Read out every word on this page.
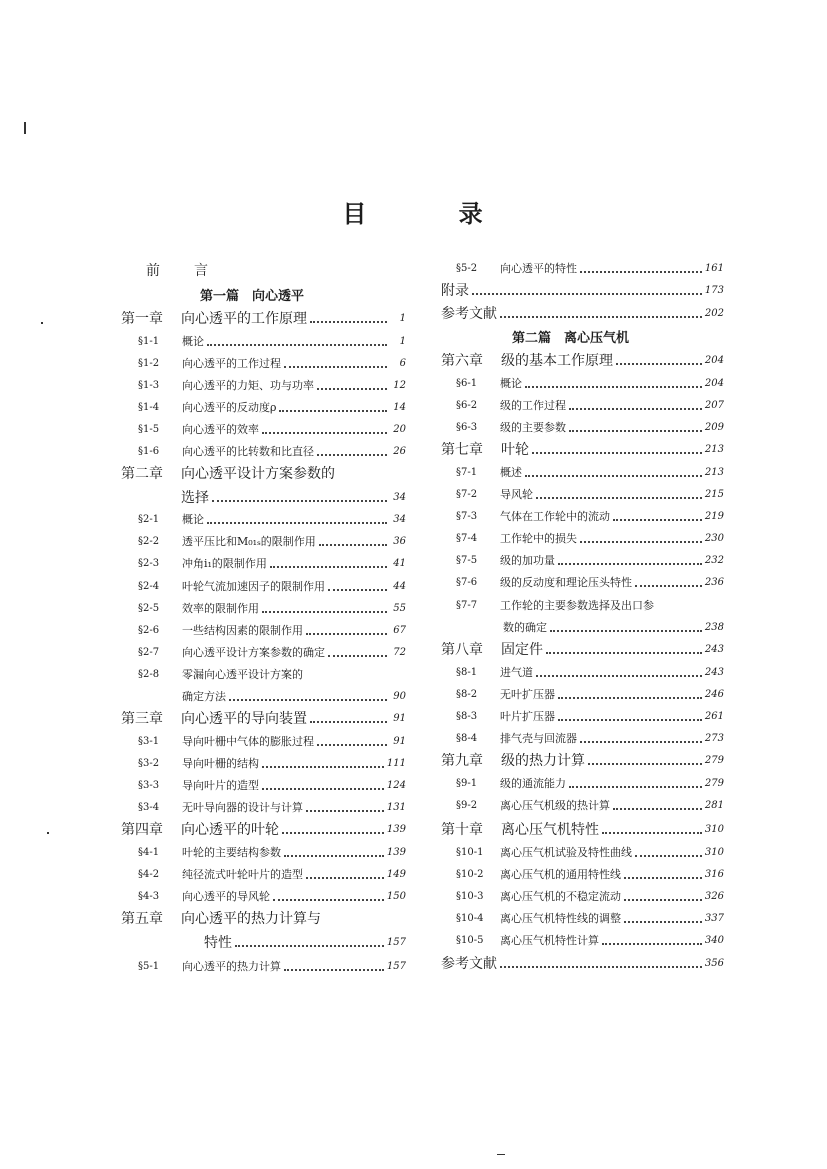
目 录
前　　言
第一篇　向心透平
第一章	向心透平的工作原理	1
§1-1	概论	1
§1-2	向心透平的工作过程	6
§1-3	向心透平的力矩、功与功率	12
§1-4	向心透平的反动度ρ	14
§1-5	向心透平的效率	20
§1-6	向心透平的比转数和比直径	26
第二章	向心透平设计方案参数的
选择	34
§2-1	概论	34
§2-2	透平压比和M₀₁ₛ的限制作用	36
§2-3	冲角i₁的限制作用	41
§2-4	叶轮气流加速因子的限制作用	44
§2-5	效率的限制作用	55
§2-6	一些结构因素的限制作用	67
§2-7	向心透平设计方案参数的确定	72
§2-8	零漏向心透平设计方案的
确定方法	90
第三章	向心透平的导向装置	91
§3-1	导向叶栅中气体的膨胀过程	91
§3-2	导向叶栅的结构	111
§3-3	导向叶片的造型	124
§3-4	无叶导向器的设计与计算	131
第四章	向心透平的叶轮	139
§4-1	叶轮的主要结构参数	139
§4-2	纯径流式叶轮叶片的造型	149
§4-3	向心透平的导风轮	150
第五章	向心透平的热力计算与
特性	157
§5-1	向心透平的热力计算	157
§5-2	向心透平的特性	161
附录	173
参考文献	202
第二篇　离心压气机
第六章	级的基本工作原理	204
§6-1	概论	204
§6-2	级的工作过程	207
§6-3	级的主要参数	209
第七章	叶轮	213
§7-1	概述	213
§7-2	导风轮	215
§7-3	气体在工作轮中的流动	219
§7-4	工作轮中的损失	230
§7-5	级的加功量	232
§7-6	级的反动度和理论压头特性	236
§7-7	工作轮的主要参数选择及出口参
数的确定	238
第八章	固定件	243
§8-1	进气道	243
§8-2	无叶扩压器	246
§8-3	叶片扩压器	261
§8-4	排气壳与回流器	273
第九章	级的热力计算	279
§9-1	级的通流能力	279
§9-2	离心压气机级的热计算	281
第十章	离心压气机特性	310
§10-1	离心压气机试验及特性曲线	310
§10-2	离心压气机的通用特性线	316
§10-3	离心压气机的不稳定流动	326
§10-4	离心压气机特性线的调整	337
§10-5	离心压气机特性计算	340
参考文献	356
